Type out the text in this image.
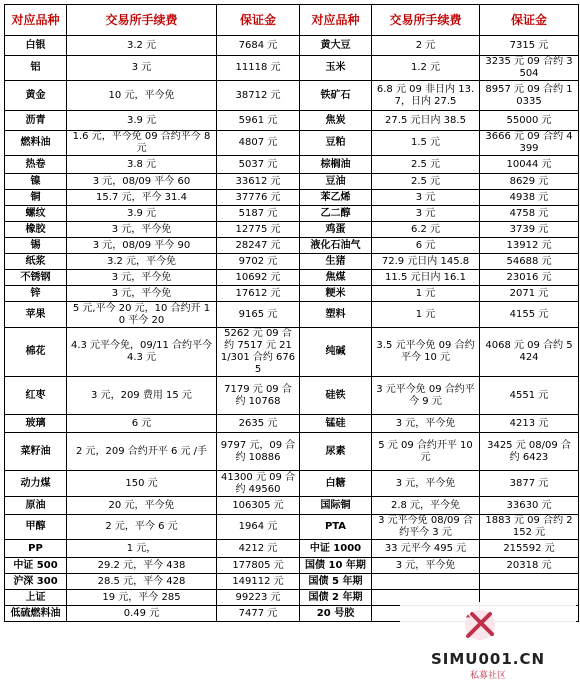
对应品种	交易所手续费	保证金	对应品种	交易所手续费	保证金
白银	3.2 元	7684 元	黄大豆	2 元	7315 元
铝	3 元	11118 元	玉米	1.2 元	3235 元 09 合约 3504
黄金	10 元，平今免	38712 元	铁矿石	6.8 元 09 非日内 13.7，日内 27.5	8957 元 09 合约 10335
沥青	3.9 元	5961 元	焦炭	27.5 元日内 38.5	55000 元
燃料油	1.6 元，平今免 09 合约平今 8 元	4807 元	豆粕	1.5 元	3666 元 09 合约 4399
热卷	3.8 元	5037 元	棕榈油	2.5 元	10044 元
镍	3 元，08/09 平今 60	33612 元	豆油	2.5 元	8629 元
铜	15.7 元，平今 31.4	37776 元	苯乙烯	3 元	4938 元
螺纹	3.9 元	5187 元	乙二醇	3 元	4758 元
橡胶	3 元，平今免	12775 元	鸡蛋	6.2 元	3739 元
锡	3 元，08/09 平今 90	28247 元	液化石油气	6 元	13912 元
纸浆	3.2 元，平今免	9702 元	生猪	72.9 元日内 145.8	54688 元
不锈钢	3 元，平今免	10692 元	焦煤	11.5 元日内 16.1	23016 元
锌	3 元，平今免	17612 元	粳米	1 元	2071 元
苹果	5 元,平今 20 元，10 合约开 10 平今 20	9165 元	塑料	1 元	4155 元
棉花	4.3 元平今免，09/11 合约平今 4.3 元	5262 元 09 合约 7517 元 211/301 合约 6765	纯碱	3.5 元平今免 09 合约平今 10 元	4068 元 09 合约 5424
红枣	3 元，209 费用 15 元	7179 元 09 合约 10768	硅铁	3 元平今免 09 合约平今 9 元	4551 元
玻璃	6 元	2635 元	锰硅	3 元，平今免	4213 元
菜籽油	2 元，209 合约开平 6 元 /手	9797 元，09 合约 10886	尿素	5 元 09 合约开平 10 元	3425 元 08/09 合约 6423
动力煤	150 元	41300 元 09 合约 49560	白糖	3 元，平今免	3877 元
原油	20 元，平今免	106305 元	国际铜	2.8 元，平今免	33630 元
甲醇	2 元，平今 6 元	1964 元	PTA	3 元平今免 08/09 合约平今 3 元	1883 元 09 合约 2152 元
PP	1 元，	4212 元	中证 1000	33 元平今 495 元	215592 元
中证 500	29.2 元，平今 438	177805 元	国债 10 年期	3 元，平今免	20318 元
沪深 300	28.5 元，平今 428	149112 元	国债 5 年期		
上证	19 元，平今 285	99223 元	国债 2 年期		
低硫燃料油	0.49 元	7477 元	20 号胶		
SIMU001.CN
私募社区
